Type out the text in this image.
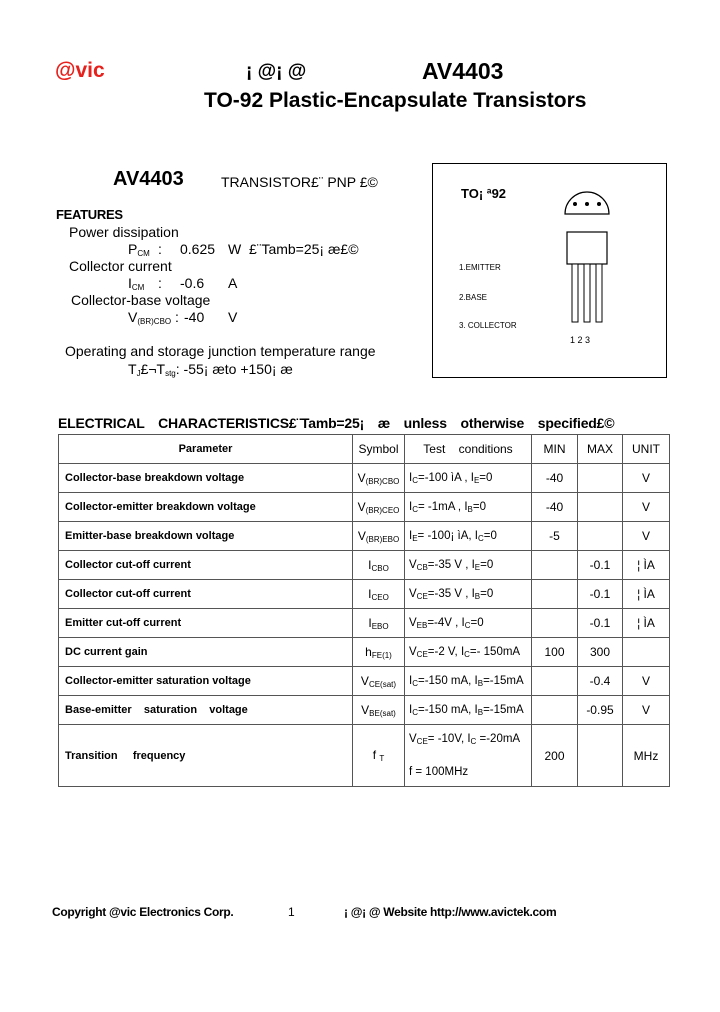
@vic	¡ @¡ @	AV4403
TO-92 Plastic-Encapsulate Transistors
AV4403	TRANSISTOR£¨ PNP £©
FEATURES
Power dissipation
$P_{CM}$ : 0.625 W £¨Tamb=25¡ æ£©
Collector current
$I_{CM}$ : -0.6 A
Collector-base voltage
$V_{(BR)CBO}$ : -40 V
Operating and storage junction temperature range
$T_J£\neg T_{stg}$: -55¡ æto +150¡ æ
TO¡ ª92
1.EMITTER
2.BASE
3. COLLECTOR
1 2 3
ELECTRICAL CHARACTERISTICS£¨Tamb=25¡ æ unless otherwise specified£©
Parameter	Symbol	Test    conditions	MIN	MAX	UNIT
Collector-base breakdown voltage	$V_{(BR)CBO}$	$I_C=-100$ ìA , $I_E=0$	-40		V
Collector-emitter breakdown voltage	$V_{(BR)CEO}$	$I_C= -1mA$ , $I_B=0$	-40		V
Emitter-base breakdown voltage	$V_{(BR)EBO}$	$I_E=$ -100¡ ìA, $I_C=0$	-5		V
Collector cut-off current	$I_{CBO}$	$V_{CB}=-35$ V , $I_E=0$		-0.1	¦ ÌA
Collector cut-off current	$I_{CEO}$	$V_{CE}=-35$ V , $I_B=0$		-0.1	¦ ÌA
Emitter cut-off current	$I_{EBO}$	$V_{EB}=-4V$ , $I_C=0$		-0.1	¦ ÌA
DC current gain	$h_{FE(1)}$	$V_{CE}=-2$ V, $I_C=-$ 150mA	100	300	
Collector-emitter saturation voltage	$V_{CE(sat)}$	$I_C=-150$ mA, $I_B=-15mA$		-0.4	V
Base-emitter    saturation    voltage	$V_{BE(sat)}$	$I_C=-150$ mA, $I_B=-15mA$		-0.95	V
Transition     frequency	f $_T$	$V_{CE}= -10V$, $I_C =-20mA$
f = 100MHz	200		MHz
Copyright @vic Electronics Corp.	1	¡ @¡ @ Website http://www.avictek.com
